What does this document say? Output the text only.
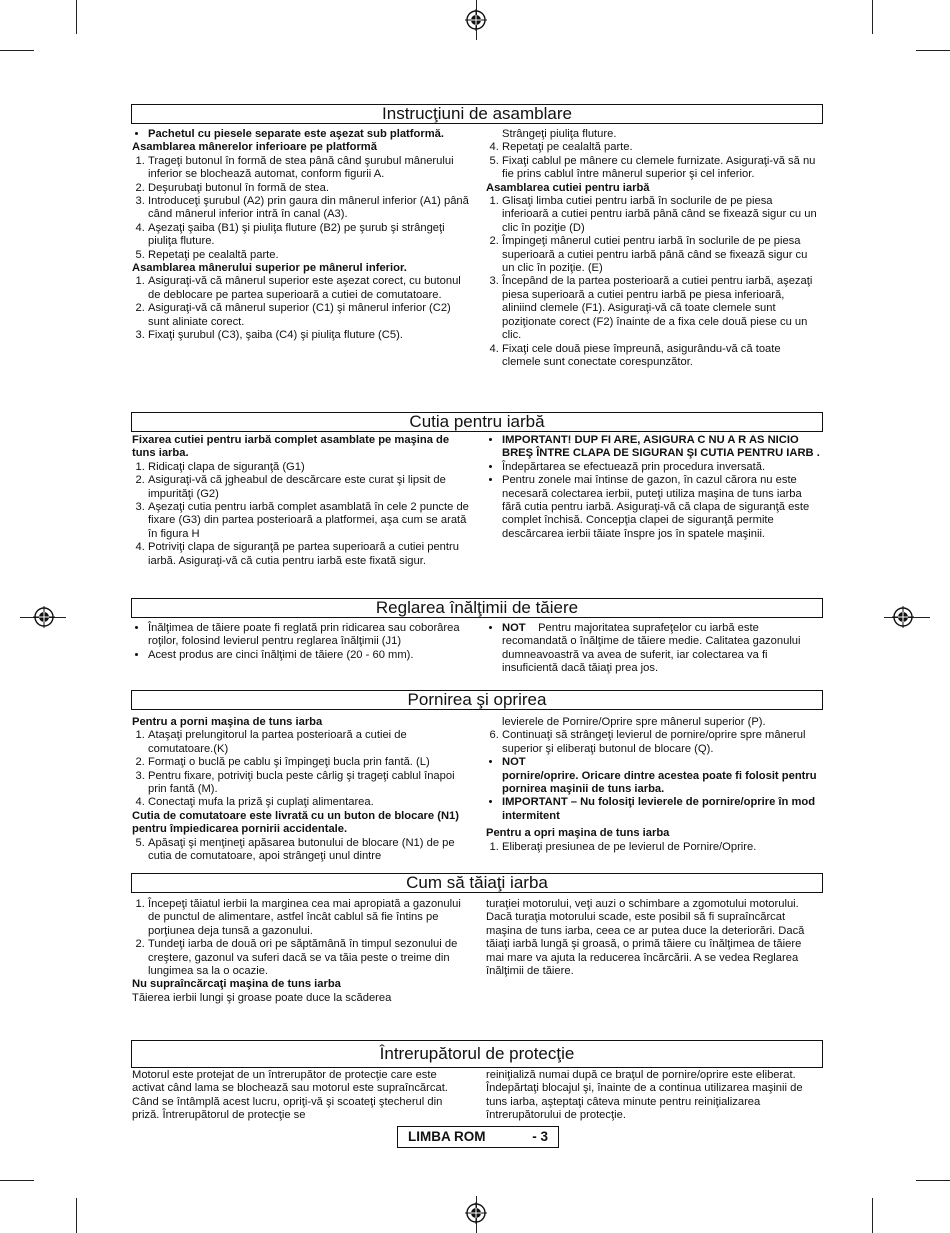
Instrucţiuni de asamblare
• Pachetul cu piesele separate este aşezat sub platformă.

Asamblarea mânerelor inferioare pe platformă

1. Trageţi butonul în formă de stea până când şurubul mânerului inferior se blochează automat, conform figurii A.
2. Deşurubaţi butonul în formă de stea.
3. Introduceţi şurubul (A2) prin gaura din mânerul inferior (A1) până când mânerul inferior intră în canal (A3).
4. Aşezaţi şaiba (B1) şi piuliţa fluture (B2) pe şurub şi strângeţi piuliţa fluture.
5. Repetaţi pe cealaltă parte.

Asamblarea mânerului superior pe mânerul inferior.

1. Asiguraţi-vă că mânerul superior este aşezat corect, cu butonul de deblocare pe partea superioară a cutiei de comutatoare.
2. Asiguraţi-vă că mânerul superior (C1) şi mânerul inferior (C2) sunt aliniate corect.
3. Fixaţi şurubul (C3), şaiba (C4) şi piuliţa fluture (C5).

Strângeţi piuliţa fluture.

4. Repetaţi pe cealaltă parte.
5. Fixaţi cablul pe mânere cu clemele furnizate. Asiguraţi-vă să nu fie prins cablul între mânerul superior şi cel inferior.

Asamblarea cutiei pentru iarbă

1. Glisaţi limba cutiei pentru iarbă în soclurile de pe piesa inferioară a cutiei pentru iarbă până când se fixează sigur cu un clic în poziţie (D)
2. Împingeţi mânerul cutiei pentru iarbă în soclurile de pe piesa superioară a cutiei pentru iarbă până când se fixează sigur cu un clic în poziţie. (E)
3. Începând de la partea posterioară a cutiei pentru iarbă, aşezaţi piesa superioară a cutiei pentru iarbă pe piesa inferioară, aliniind clemele (F1). Asiguraţi-vă că toate clemele sunt poziţionate corect (F2) înainte de a fixa cele două piese cu un clic.
4. Fixaţi cele două piese împreună, asigurându-vă că toate clemele sunt conectate corespunzător.
Cutia pentru iarbă

Fixarea cutiei pentru iarbă complet asamblate pe maşina de tuns iarba.

1. Ridicaţi clapa de siguranţă (G1)
2. Asiguraţi-vă că jgheabul de descărcare este curat şi lipsit de impurităţi (G2)
3. Aşezaţi cutia pentru iarbă complet asamblată în cele 2 puncte de fixare (G3) din partea posterioară a platformei, aşa cum se arată în figura H
4. Potriviţi clapa de siguranţă pe partea superioară a cutiei pentru iarbă. Asiguraţi-vă că cutia pentru iarbă este fixată sigur.
• IMPORTANT! DUP FI ARE, ASIGURA C NU A R AS NICIO BREŞ ÎNTRE CLAPA DE SIGURAN ŞI CUTIA PENTRU IARB .
• Îndepărtarea se efectuează prin procedura inversată.
• Pentru zonele mai întinse de gazon, în cazul cărora nu este necesară colectarea ierbii, puteţi utiliza maşina de tuns iarba fără cutia pentru iarbă. Asiguraţi-vă că clapa de siguranţă este complet închisă. Concepţia clapei de siguranţă permite descărcarea ierbii tăiate înspre jos în spatele maşinii.
Reglarea înălţimii de tăiere
• Înălţimea de tăiere poate fi reglată prin ridicarea sau coborârea roţilor, folosind levierul pentru reglarea înălţimii (J1)
• Acest produs are cinci înălţimi de tăiere (20 - 60 mm).
• NOT Pentru majoritatea suprafeţelor cu iarbă este recomandată o înălţime de tăiere medie. Calitatea gazonului dumneavoastră va avea de suferit, iar colectarea va fi insuficientă dacă tăiaţi prea jos.
Pornirea şi oprirea

Pentru a porni maşina de tuns iarba

1. Ataşaţi prelungitorul la partea posterioară a cutiei de comutatoare.(K)
2. Formaţi o buclă pe cablu şi împingeţi bucla prin fantă. (L)
3. Pentru fixare, potriviţi bucla peste cârlig şi trageţi cablul înapoi prin fantă (M).
4. Conectaţi mufa la priză şi cuplaţi alimentarea.

Cutia de comutatoare este livrată cu un buton de blocare (N1) pentru împiedicarea pornirii accidentale.

5. Apăsaţi şi menţineţi apăsarea butonului de blocare (N1) de pe cutia de comutatoare, apoi strângeţi unul dintre

levierele de Pornire/Oprire spre mânerul superior (P).

6. Continuaţi să strângeţi levierul de pornire/oprire spre mânerul superior şi eliberaţi butonul de blocare (Q).
• NOT
pornire/oprire. Oricare dintre acestea poate fi folosit pentru pornirea maşinii de tuns iarba.
• IMPORTANT – Nu folosiţi levierele de pornire/oprire în mod intermitent

Pentru a opri maşina de tuns iarba

1. Eliberaţi presiunea de pe levierul de Pornire/Oprire.
Cum să tăiaţi iarba
1. Începeţi tăiatul ierbii la marginea cea mai apropiată a gazonului de punctul de alimentare, astfel încât cablul să fie întins pe porţiunea deja tunsă a gazonului.
2. Tundeţi iarba de două ori pe săptămână în timpul sezonului de creştere, gazonul va suferi dacă se va tăia peste o treime din lungimea sa la o ocazie.

Nu supraîncărcaţi maşina de tuns iarba

Tăierea ierbii lungi şi groase poate duce la scăderea

turaţiei motorului, veţi auzi o schimbare a zgomotului motorului. Dacă turaţia motorului scade, este posibil să fi supraîncărcat maşina de tuns iarba, ceea ce ar putea duce la deteriorări. Dacă tăiaţi iarbă lungă şi groasă, o primă tăiere cu înălţimea de tăiere mai mare va ajuta la reducerea încărcării. A se vedea Reglarea înălţimii de tăiere.

Întrerupătorul de protecţie

Motorul este protejat de un întrerupător de protecţie care este activat când lama se blochează sau motorul este supraîncărcat. Când se întâmplă acest lucru, opriţi-vă şi scoateţi ştecherul din priză. Întrerupătorul de protecţie se

reiniţializă numai după ce braţul de pornire/oprire este eliberat. Îndepărtaţi blocajul şi, înainte de a continua utilizarea maşinii de tuns iarba, aşteptaţi câteva minute pentru reiniţializarea întrerupătorului de protecţie.

LIMBA ROM	- 3
